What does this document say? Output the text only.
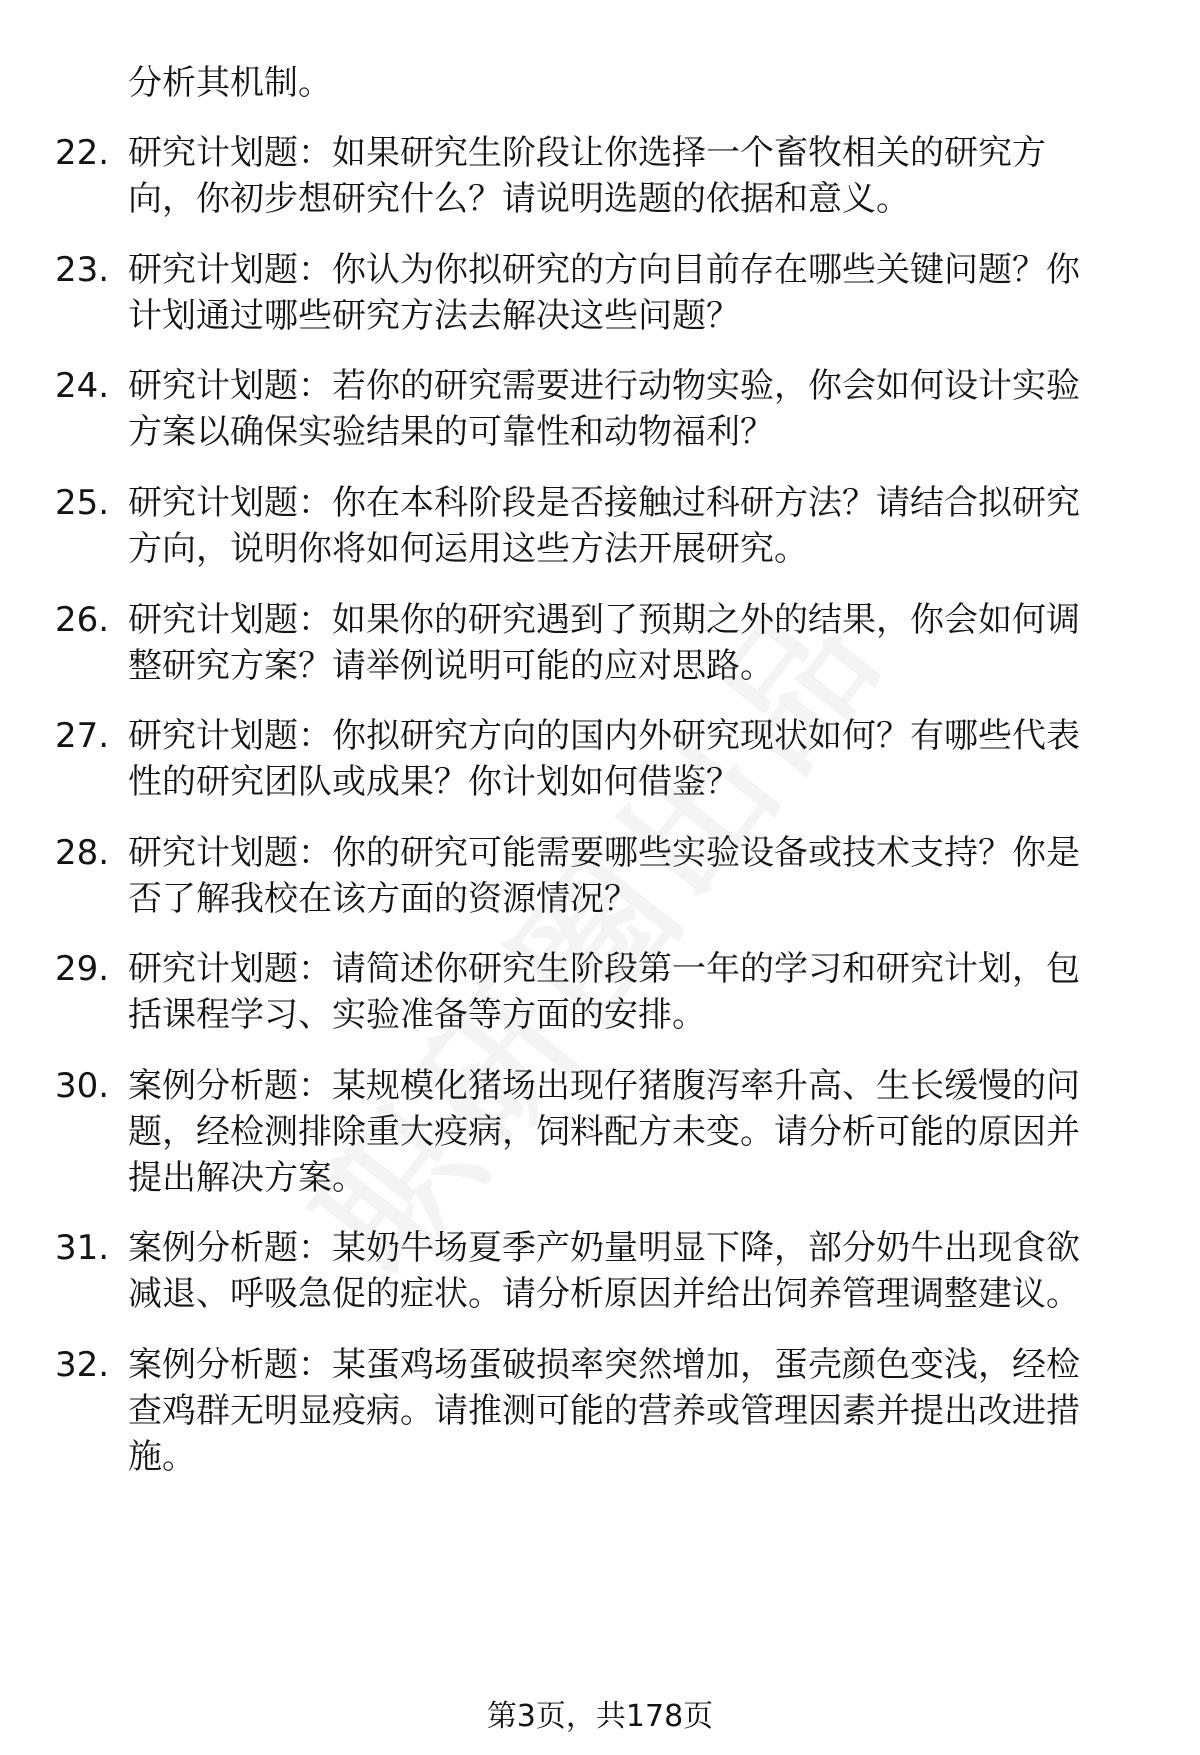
分析其机制。
22. 研究计划题：如果研究生阶段让你选择一个畜牧相关的研究方
向，你初步想研究什么？请说明选题的依据和意义。
23. 研究计划题：你认为你拟研究的方向目前存在哪些关键问题？你
计划通过哪些研究方法去解决这些问题？
24. 研究计划题：若你的研究需要进行动物实验，你会如何设计实验
方案以确保实验结果的可靠性和动物福利？
25. 研究计划题：你在本科阶段是否接触过科研方法？请结合拟研究
方向，说明你将如何运用这些方法开展研究。
26. 研究计划题：如果你的研究遇到了预期之外的结果，你会如何调
整研究方案？请举例说明可能的应对思路。
27. 研究计划题：你拟研究方向的国内外研究现状如何？有哪些代表
性的研究团队或成果？你计划如何借鉴？
28. 研究计划题：你的研究可能需要哪些实验设备或技术支持？你是
否了解我校在该方面的资源情况？
29. 研究计划题：请简述你研究生阶段第一年的学习和研究计划，包
括课程学习、实验准备等方面的安排。
30. 案例分析题：某规模化猪场出现仔猪腹泻率升高、生长缓慢的问
题，经检测排除重大疫病，饲料配方未变。请分析可能的原因并
提出解决方案。
31. 案例分析题：某奶牛场夏季产奶量明显下降，部分奶牛出现食欲
减退、呼吸急促的症状。请分析原因并给出饲养管理调整建议。
32. 案例分析题：某蛋鸡场蛋破损率突然增加，蛋壳颜色变浅，经检
查鸡群无明显疫病。请推测可能的营养或管理因素并提出改进措
施。
第3页，共178页
